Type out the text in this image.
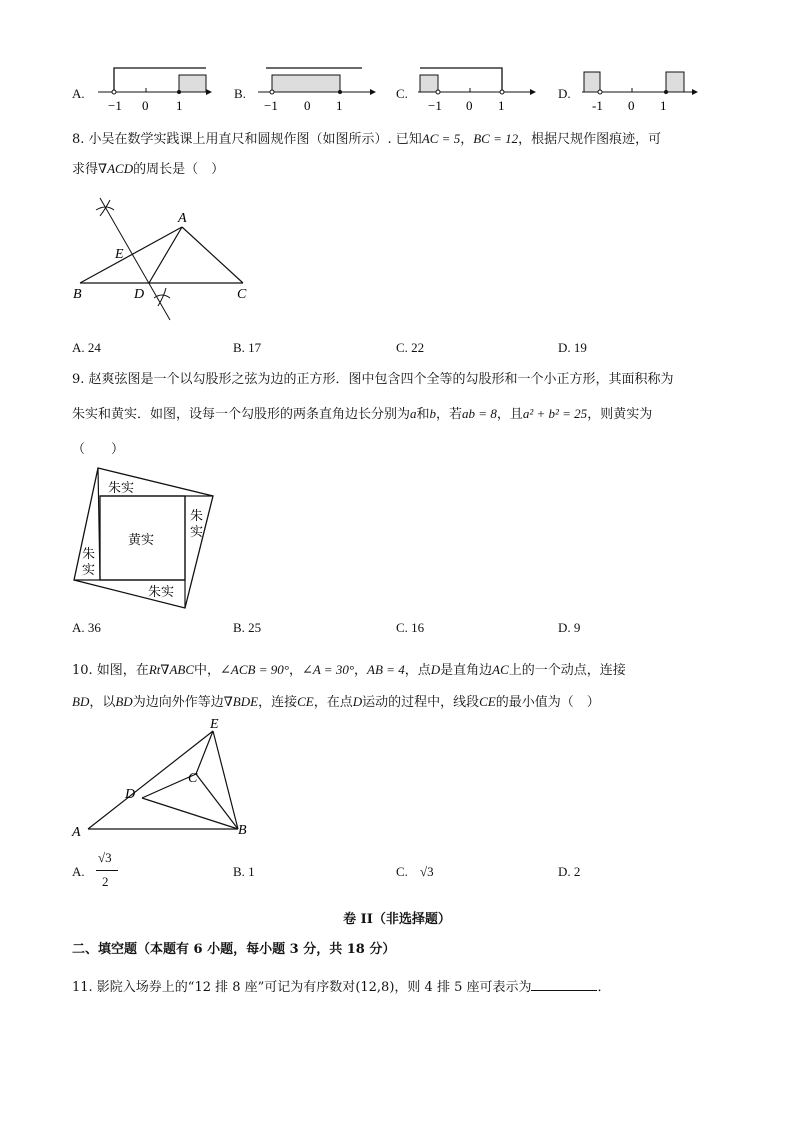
A.
−1 0 1
B.
−1 0 1
C.
−1 0 1
D.
-1 0 1
8. 小吴在数学实践课上用直尺和圆规作图（如图所示）. 已知AC = 5，BC = 12，根据尺规作图痕迹，可
求得∇ACD的周长是（　）
A
B	C
D
E
A. 24	B. 17	C. 22	D. 19
9. 赵爽弦图是一个以勾股形之弦为边的正方形．图中包含四个全等的勾股形和一个小正方形，其面积称为
朱实和黄实．如图，设每一个勾股形的两条直角边长分别为a和b，若ab = 8，且a² + b² = 25，则黄实为
（　　）
朱实
黄实
朱实
朱
实
朱
实
A. 36	B. 25	C. 16	D. 9
10. 如图，在Rt∇ABC中，∠ACB = 90°，∠A = 30°，AB = 4，点D是直角边AC上的一个动点，连接
BD，以BD为边向外作等边∇BDE，连接CE，在点D运动的过程中，线段CE的最小值为（　）
A	B
C
D
E
A.
√3
2
B. 1	C. √3	D. 2
卷 II（非选择题）
二、填空题（本题有 6 小题，每小题 3 分，共 18 分）
11. 影院入场券上的“12 排 8 座”可记为有序数对(12,8)，则 4 排 5 座可表示为	．
